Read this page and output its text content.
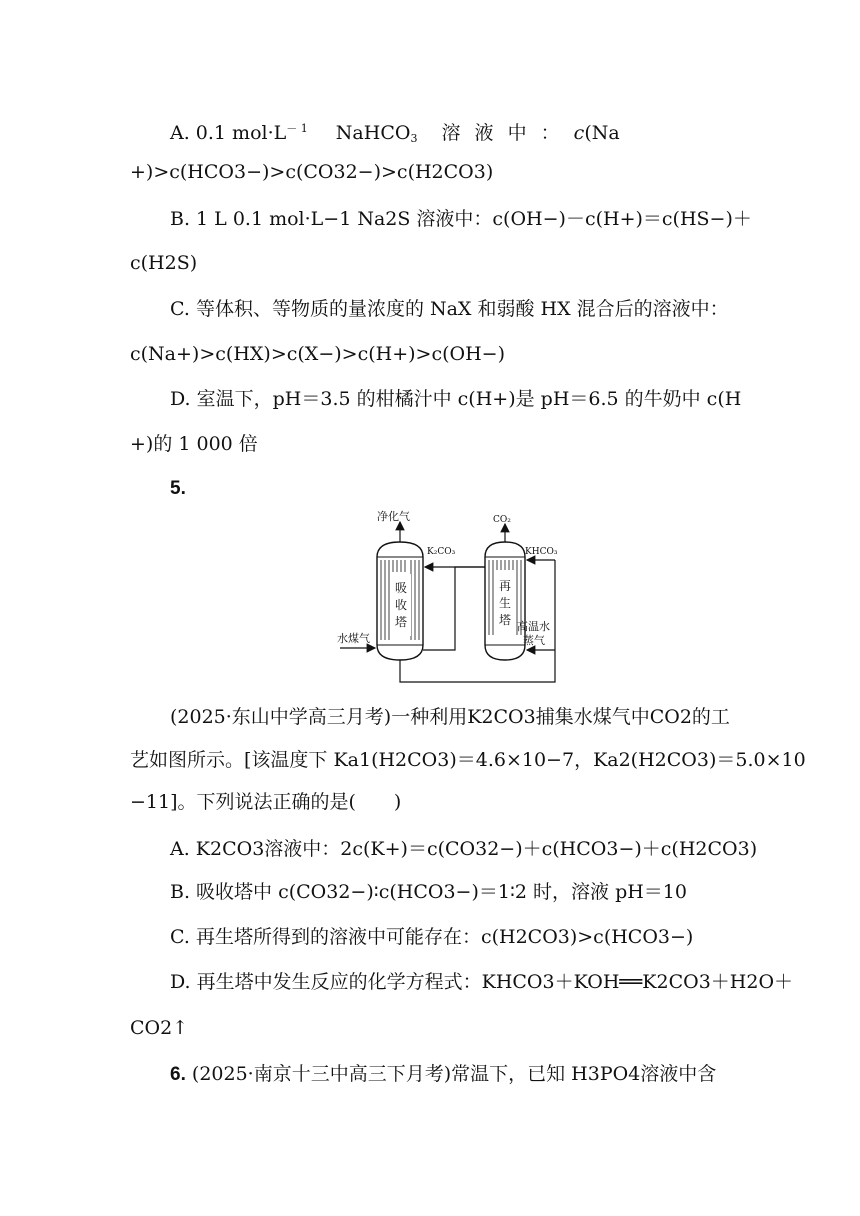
A. 0.1 $mol\cdot L^{- 1}$ NaHCO$_3$ 溶 液 中 ： c(Na
+)>c(HCO3−)>c(CO32−)>c(H2CO3)
B. 1 L 0.1 mol·L−1 Na2S 溶液中：c(OH−)－c(H+)＝c(HS−)＋
c(H2S)
C. 等体积、等物质的量浓度的 NaX 和弱酸 HX 混合后的溶液中：
c(Na+)>c(HX)>c(X−)>c(H+)>c(OH−)
D. 室温下，pH＝3.5 的柑橘汁中 c(H+)是 pH＝6.5 的牛奶中 c(H
+)的 1 000 倍
5.
净化气	CO₂
K₂CO₃	KHCO₃
吸
收
塔
再
生
塔
水煤气
高温水
蒸气
(2025·东山中学高三月考)一种利用K2CO3捕集水煤气中CO2的工
艺如图所示。[该温度下 Ka1(H2CO3)＝4.6×10−7，Ka2(H2CO3)＝5.0×10
−11]。下列说法正确的是(　　)
A. K2CO3溶液中：2c(K+)＝c(CO32−)＋c(HCO3−)＋c(H2CO3)
B. 吸收塔中 c(CO32−)∶c(HCO3−)＝1∶2 时，溶液 pH＝10
C. 再生塔所得到的溶液中可能存在：c(H2CO3)>c(HCO3−)
D. 再生塔中发生反应的化学方程式：KHCO3＋KOH══K2CO3＋H2O＋
CO2↑
6. (2025·南京十三中高三下月考)常温下，已知 H3PO4溶液中含
